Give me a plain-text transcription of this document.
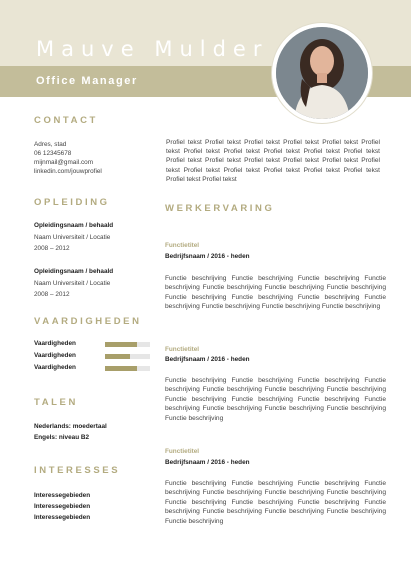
Mauve Mulder
Office Manager
CONTACT
Adres, stad
06 12345678
mijnmail@gmail.com
linkedin.com/jouwprofiel
OPLEIDING
Opleidingsnaam / behaald
Naam Universiteit / Locatie
2008 – 2012
Opleidingsnaam / behaald
Naam Universiteit / Locatie
2008 – 2012
VAARDIGHEDEN
Vaardigheden
Vaardigheden
Vaardigheden
TALEN
Nederlands: moedertaal
Engels: niveau B2
INTERESSES
Interessegebieden
Interessegebieden
Interessegebieden
Profiel tekst Profiel tekst Profiel tekst Profiel tekst Profiel tekst Profiel tekst Profiel tekst Profiel tekst Profiel tekst Profiel tekst Profiel tekst Profiel tekst Profiel tekst Profiel tekst Profiel tekst Profiel tekst Profiel tekst Profiel tekst Profiel tekst Profiel tekst Profiel tekst Profiel tekst Profiel tekst Profiel tekst
WERKERVARING
Functietitel
Bedrijfsnaam / 2016 - heden
Functie beschrijving Functie beschrijving Functie beschrijving Functie beschrijving Functie beschrijving Functie beschrijving Functie beschrijving Functie beschrijving Functie beschrijving Functie beschrijving Functie beschrijving Functie beschrijving Functie beschrijving Functie beschrijving
Functietitel
Bedrijfsnaam / 2016 - heden
Functie beschrijving Functie beschrijving Functie beschrijving Functie beschrijving Functie beschrijving Functie beschrijving Functie beschrijving Functie beschrijving Functie beschrijving Functie beschrijving Functie beschrijving Functie beschrijving Functie beschrijving Functie beschrijving Functie beschrijving
Functietitel
Bedrijfsnaam / 2016 - heden
Functie beschrijving Functie beschrijving Functie beschrijving Functie beschrijving Functie beschrijving Functie beschrijving Functie beschrijving Functie beschrijving Functie beschrijving Functie beschrijving Functie beschrijving Functie beschrijving Functie beschrijving Functie beschrijving Functie beschrijving
